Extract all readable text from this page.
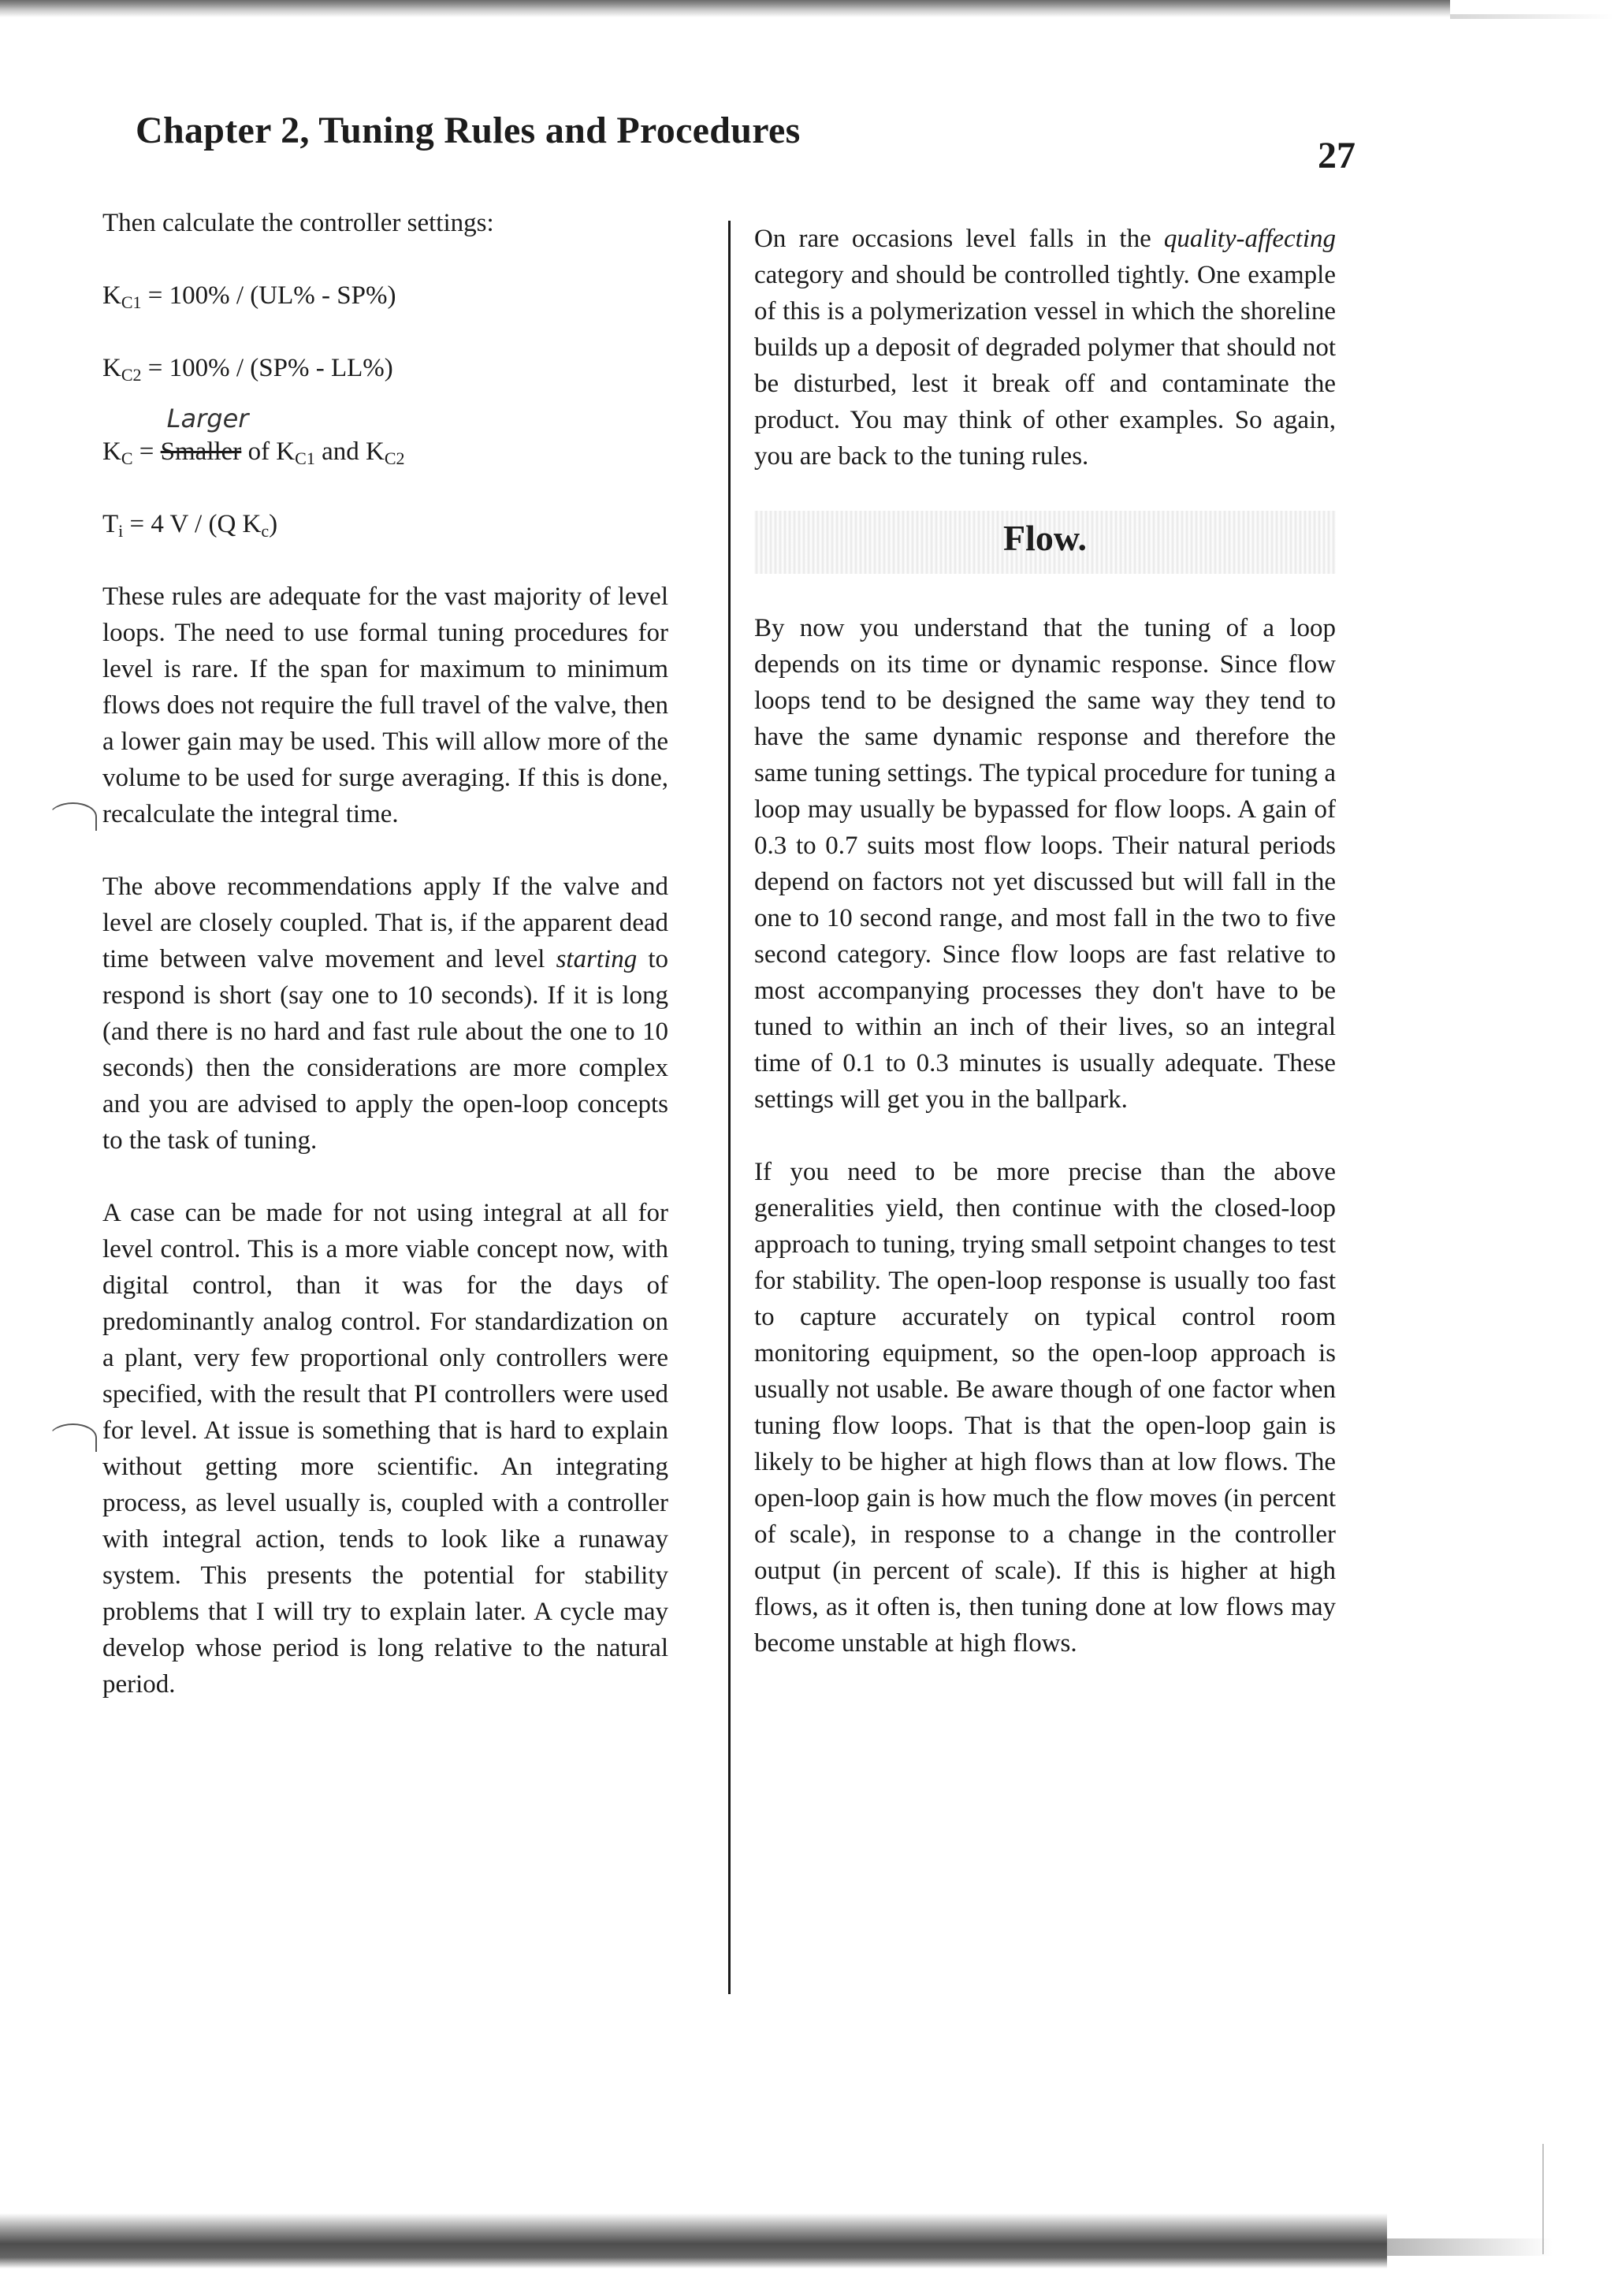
Chapter 2, Tuning Rules and Procedures
27

Then calculate the controller settings:

$K_{C1} = 100\% / (UL\% - SP\%)$
$K_{C2} = 100\% / (SP\% - LL\%)$
$K_C$ =
Larger
Smaller of $K_{C1}$ and $K_{C2}$
$T_i = 4$ V / (Q $K_c$)

These rules are adequate for the vast majority of level loops. The need to use formal tuning procedures for level is rare. If the span for maximum to minimum flows does not require the full travel of the valve, then a lower gain may be used. This will allow more of the volume to be used for surge averaging. If this is done, recalculate the integral time.

The above recommendations apply If the valve and level are closely coupled. That is, if the apparent dead time between valve movement and level starting to respond is short (say one to 10 seconds). If it is long (and there is no hard and fast rule about the one to 10 seconds) then the considerations are more complex and you are advised to apply the open-loop concepts to the task of tuning.

A case can be made for not using integral at all for level control. This is a more viable concept now, with digital control, than it was for the days of predominantly analog control. For standardization on a plant, very few proportional only controllers were specified, with the result that PI controllers were used for level. At issue is something that is hard to explain without getting more scientific. An integrating process, as level usually is, coupled with a controller with integral action, tends to look like a runaway system. This presents the potential for stability problems that I will try to explain later. A cycle may develop whose period is long relative to the natural period.

On rare occasions level falls in the quality-affecting category and should be controlled tightly. One example of this is a polymerization vessel in which the shoreline builds up a deposit of degraded polymer that should not be disturbed, lest it break off and contaminate the product. You may think of other examples. So again, you are back to the tuning rules.

Flow.

By now you understand that the tuning of a loop depends on its time or dynamic response. Since flow loops tend to be designed the same way they tend to have the same dynamic response and therefore the same tuning settings. The typical procedure for tuning a loop may usually be bypassed for flow loops. A gain of 0.3 to 0.7 suits most flow loops. Their natural periods depend on factors not yet discussed but will fall in the one to 10 second range, and most fall in the two to five second category. Since flow loops are fast relative to most accompanying processes they don't have to be tuned to within an inch of their lives, so an integral time of 0.1 to 0.3 minutes is usually adequate. These settings will get you in the ballpark.

If you need to be more precise than the above generalities yield, then continue with the closed-loop approach to tuning, trying small setpoint changes to test for stability. The open-loop response is usually too fast to capture accurately on typical control room monitoring equipment, so the open-loop approach is usually not usable. Be aware though of one factor when tuning flow loops. That is that the open-loop gain is likely to be higher at high flows than at low flows. The open-loop gain is how much the flow moves (in percent of scale), in response to a change in the controller output (in percent of scale). If this is higher at high flows, as it often is, then tuning done at low flows may become unstable at high flows.
